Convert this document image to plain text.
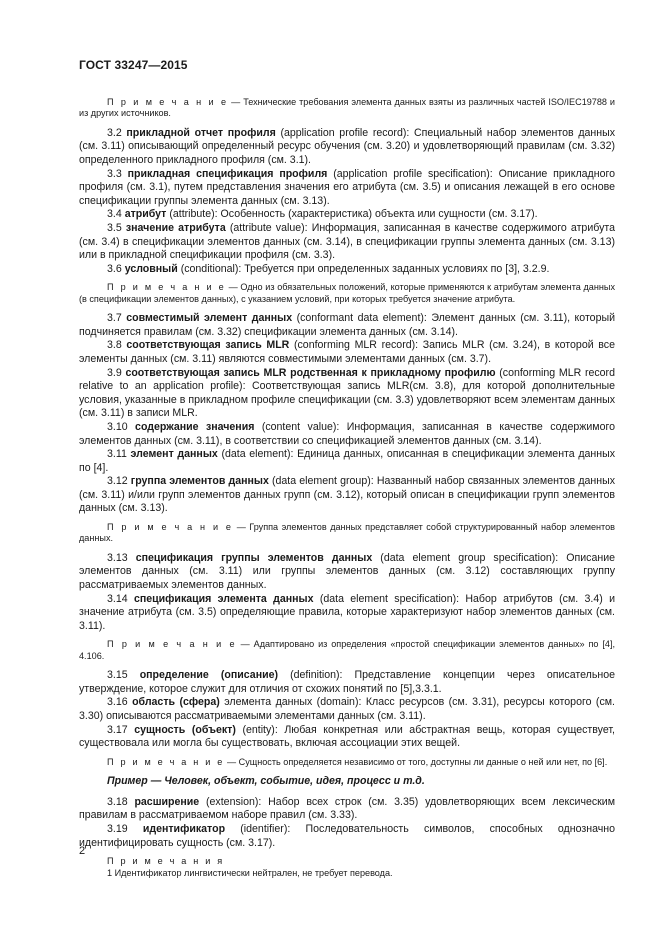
ГОСТ 33247—2015

П р и м е ч а н и е — Технические требования элемента данных взяты из различных частей ISO/IEC19788 и из других источников.

3.2 прикладной отчет профиля (application profile record): Специальный набор элементов данных (см. 3.11) описывающий определенный ресурс обучения (см. 3.20) и удовлетворяющий правилам (см. 3.32) определенного прикладного профиля (см. 3.1).

3.3 прикладная спецификация профиля (application profile specification): Описание прикладного профиля (см. 3.1), путем представления значения его атрибута (см. 3.5) и описания лежащей в его основе спецификации группы элемента данных (см. 3.13).

3.4 атрибут (attribute): Особенность (характеристика) объекта или сущности (см. 3.17).

3.5 значение атрибута (attribute value): Информация, записанная в качестве содержимого атрибута (см. 3.4) в спецификации элементов данных (см. 3.14), в спецификации группы элемента данных (см. 3.13) или в прикладной спецификации профиля (см. 3.3).

3.6 условный (conditional): Требуется при определенных заданных условиях по [3], 3.2.9.

П р и м е ч а н и е — Одно из обязательных положений, которые применяются к атрибутам элемента данных (в спецификации элементов данных), с указанием условий, при которых требуется значение атрибута.

3.7 совместимый элемент данных (conformant data element): Элемент данных (см. 3.11), который подчиняется правилам (см. 3.32) спецификации элемента данных (см. 3.14).

3.8 соответствующая запись MLR (conforming MLR record): Запись MLR (см. 3.24), в которой все элементы данных (см. 3.11) являются совместимыми элементами данных (см. 3.7).

3.9 соответствующая запись MLR родственная к прикладному профилю (conforming MLR record relative to an application profile): Соответствующая запись MLR(см. 3.8), для которой дополнительные условия, указанные в прикладном профиле спецификации (см. 3.3) удовлетворяют всем элементам данных (см. 3.11) в записи MLR.

3.10 содержание значения (content value): Информация, записанная в качестве содержимого элементов данных (см. 3.11), в соответствии со спецификацией элементов данных (см. 3.14).

3.11 элемент данных (data element): Единица данных, описанная в спецификации элемента данных по [4].

3.12 группа элементов данных (data element group): Названный набор связанных элементов данных (см. 3.11) и/или групп элементов данных групп (см. 3.12), который описан в спецификации групп элементов данных (см. 3.13).

П р и м е ч а н и е — Группа элементов данных представляет собой структурированный набор элементов данных.

3.13 спецификация группы элементов данных (data element group specification): Описание элементов данных (см. 3.11) или группы элементов данных (см. 3.12) составляющих группу рассматриваемых элементов данных.

3.14 спецификация элемента данных (data element specification): Набор атрибутов (см. 3.4) и значение атрибута (см. 3.5) определяющие правила, которые характеризуют набор элементов данных (см. 3.11).

П р и м е ч а н и е — Адаптировано из определения «простой спецификации элементов данных» по [4], 4.106.

3.15 определение (описание) (definition): Представление концепции через описательное утверждение, которое служит для отличия от схожих понятий по [5],3.3.1.

3.16 область (сфера) элемента данных (domain): Класс ресурсов (см. 3.31), ресурсы которого (см. 3.30) описываются рассматриваемыми элементами данных (см. 3.11).

3.17 сущность (объект) (entity): Любая конкретная или абстрактная вещь, которая существует, существовала или могла бы существовать, включая ассоциации этих вещей.

П р и м е ч а н и е — Сущность определяется независимо от того, доступны ли данные о ней или нет, по [6].

Пример — Человек, объект, событие, идея, процесс и т.д.

3.18 расширение (extension): Набор всех строк (см. 3.35) удовлетворяющих всем лексическим правилам в рассматриваемом наборе правил (см. 3.33).

3.19 идентификатор (identifier): Последовательность символов, способных однозначно идентифицировать сущность (см. 3.17).

П р и м е ч а н и я

1 Идентификатор лингвистически нейтрален, не требует перевода.

2
